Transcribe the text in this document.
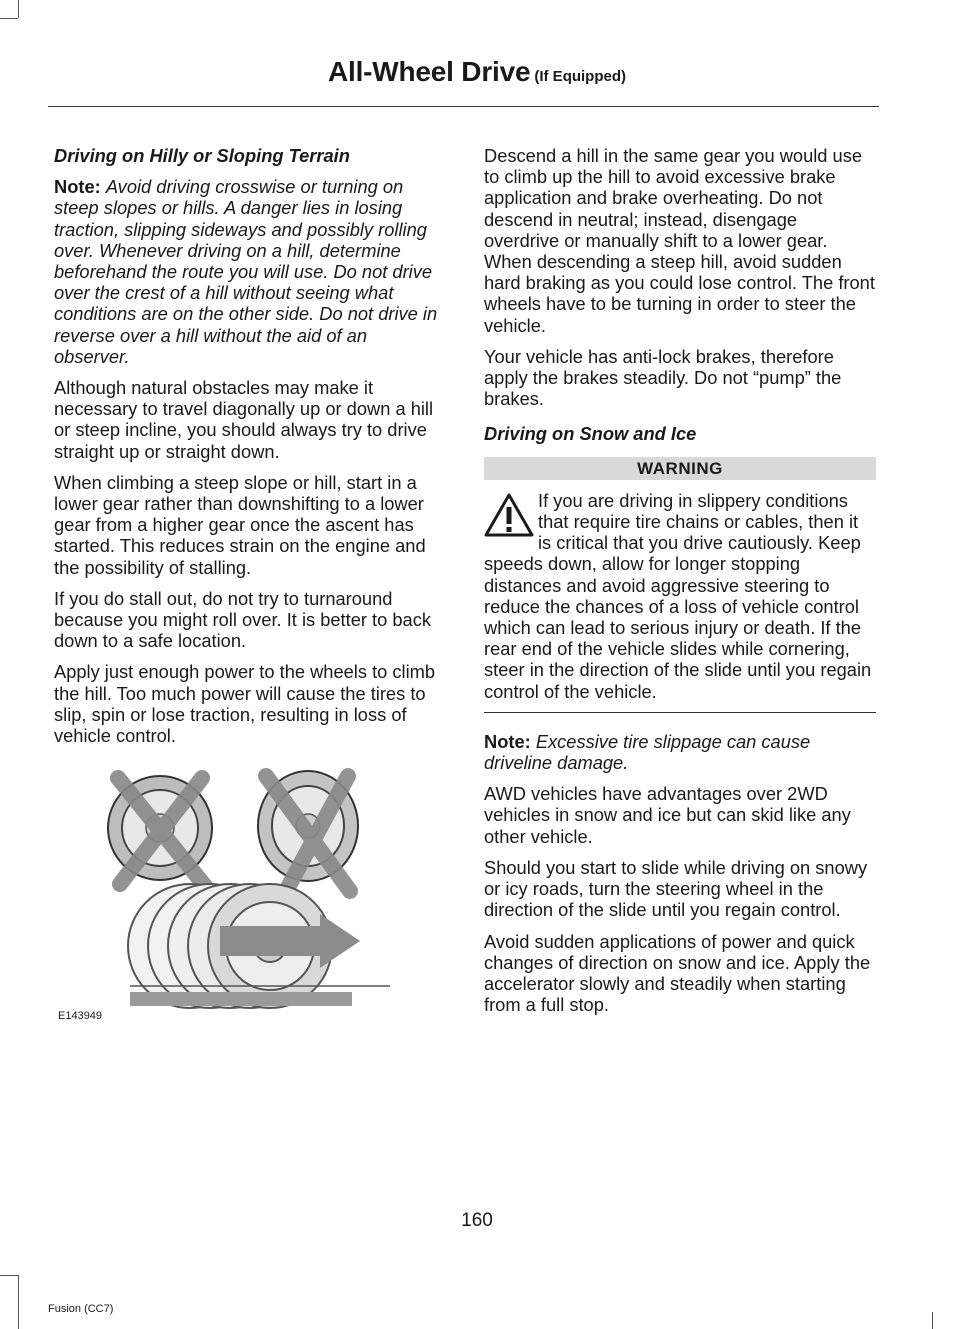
All-Wheel Drive (If Equipped)

Driving on Hilly or Sloping Terrain

Note: Avoid driving crosswise or turning on steep slopes or hills. A danger lies in losing traction, slipping sideways and possibly rolling over. Whenever driving on a hill, determine beforehand the route you will use. Do not drive over the crest of a hill without seeing what conditions are on the other side. Do not drive in reverse over a hill without the aid of an observer.

Although natural obstacles may make it necessary to travel diagonally up or down a hill or steep incline, you should always try to drive straight up or straight down.

When climbing a steep slope or hill, start in a lower gear rather than downshifting to a lower gear from a higher gear once the ascent has started. This reduces strain on the engine and the possibility of stalling.

If you do stall out, do not try to turnaround because you might roll over. It is better to back down to a safe location.

Apply just enough power to the wheels to climb the hill. Too much power will cause the tires to slip, spin or lose traction, resulting in loss of vehicle control.

E143949

Descend a hill in the same gear you would use to climb up the hill to avoid excessive brake application and brake overheating. Do not descend in neutral; instead, disengage overdrive or manually shift to a lower gear. When descending a steep hill, avoid sudden hard braking as you could lose control. The front wheels have to be turning in order to steer the vehicle.

Your vehicle has anti-lock brakes, therefore apply the brakes steadily. Do not “pump” the brakes.

Driving on Snow and Ice

WARNING

If you are driving in slippery conditions that require tire chains or cables, then it is critical that you drive cautiously. Keep speeds down, allow for longer stopping distances and avoid aggressive steering to reduce the chances of a loss of vehicle control which can lead to serious injury or death. If the rear end of the vehicle slides while cornering, steer in the direction of the slide until you regain control of the vehicle.

Note: Excessive tire slippage can cause driveline damage.

AWD vehicles have advantages over 2WD vehicles in snow and ice but can skid like any other vehicle.

Should you start to slide while driving on snowy or icy roads, turn the steering wheel in the direction of the slide until you regain control.

Avoid sudden applications of power and quick changes of direction on snow and ice. Apply the accelerator slowly and steadily when starting from a full stop.

160
Fusion (CC7)
